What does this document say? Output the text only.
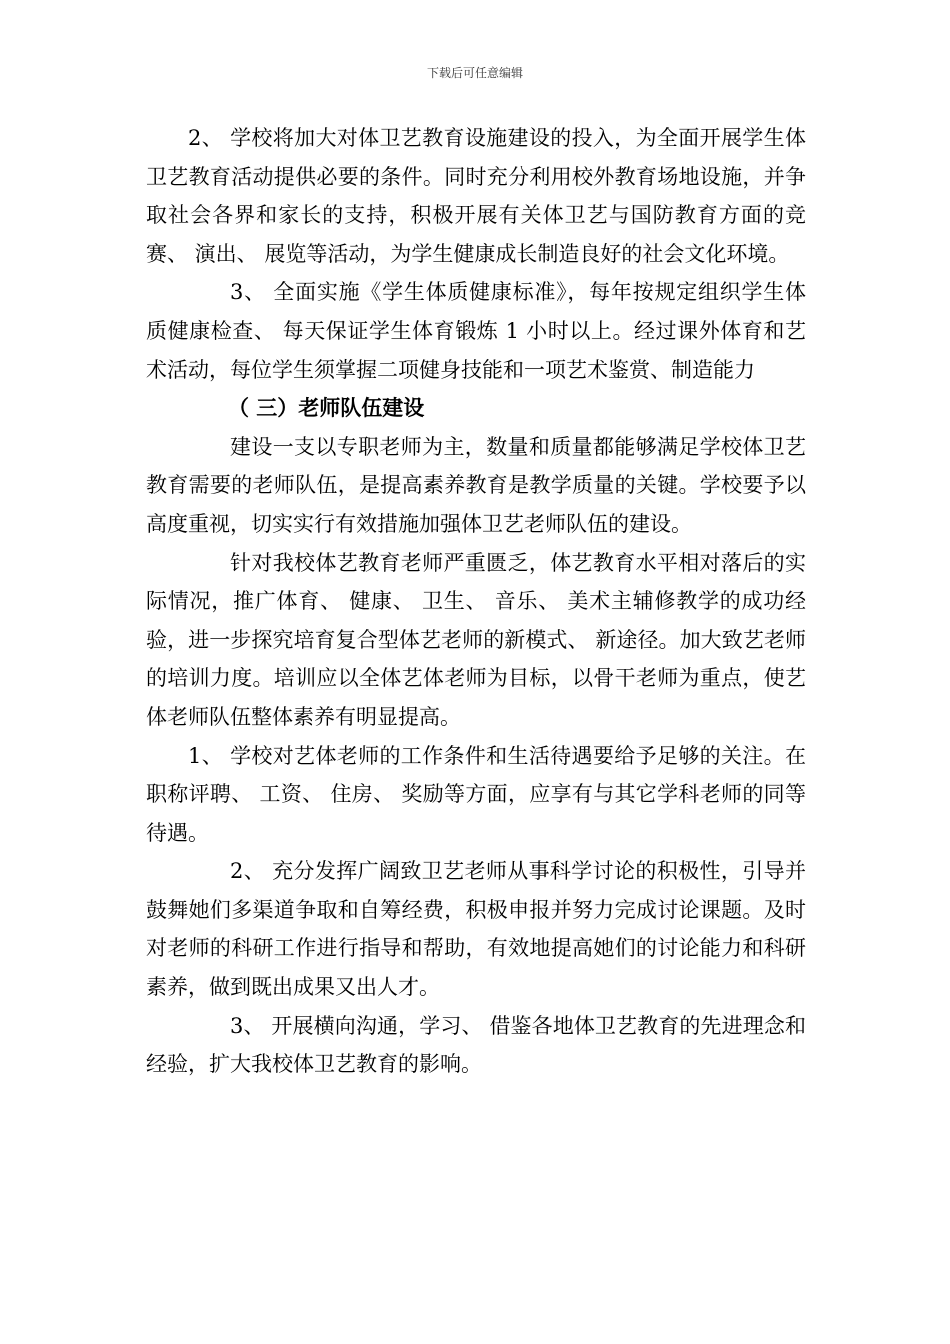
下载后可任意编辑

2、 学校将加大对体卫艺教育设施建设的投入，为全面开展学生体卫艺教育活动提供必要的条件。同时充分利用校外教育场地设施，并争取社会各界和家长的支持，积极开展有关体卫艺与国防教育方面的竞赛、 演出、 展览等活动，为学生健康成长制造良好的社会文化环境。

3、 全面实施《学生体质健康标准》，每年按规定组织学生体质健康检查、 每天保证学生体育锻炼 1 小时以上。经过课外体育和艺术活动，每位学生须掌握二项健身技能和一项艺术鉴赏、制造能力

（ 三）老师队伍建设

建设一支以专职老师为主，数量和质量都能够满足学校体卫艺教育需要的老师队伍，是提高素养教育是教学质量的关键。学校要予以高度重视，切实实行有效措施加强体卫艺老师队伍的建设。

针对我校体艺教育老师严重匮乏，体艺教育水平相对落后的实际情况，推广体育、 健康、 卫生、 音乐、 美术主辅修教学的成功经验，进一步探究培育复合型体艺老师的新模式、 新途径。加大致艺老师的培训力度。培训应以全体艺体老师为目标，以骨干老师为重点，使艺体老师队伍整体素养有明显提高。

1、 学校对艺体老师的工作条件和生活待遇要给予足够的关注。在职称评聘、 工资、 住房、 奖励等方面，应享有与其它学科老师的同等待遇。

2、 充分发挥广阔致卫艺老师从事科学讨论的积极性，引导并鼓舞她们多渠道争取和自筹经费，积极申报并努力完成讨论课题。及时对老师的科研工作进行指导和帮助，有效地提高她们的讨论能力和科研素养，做到既出成果又出人才。

3、 开展横向沟通，学习、 借鉴各地体卫艺教育的先进理念和经验，扩大我校体卫艺教育的影响。
